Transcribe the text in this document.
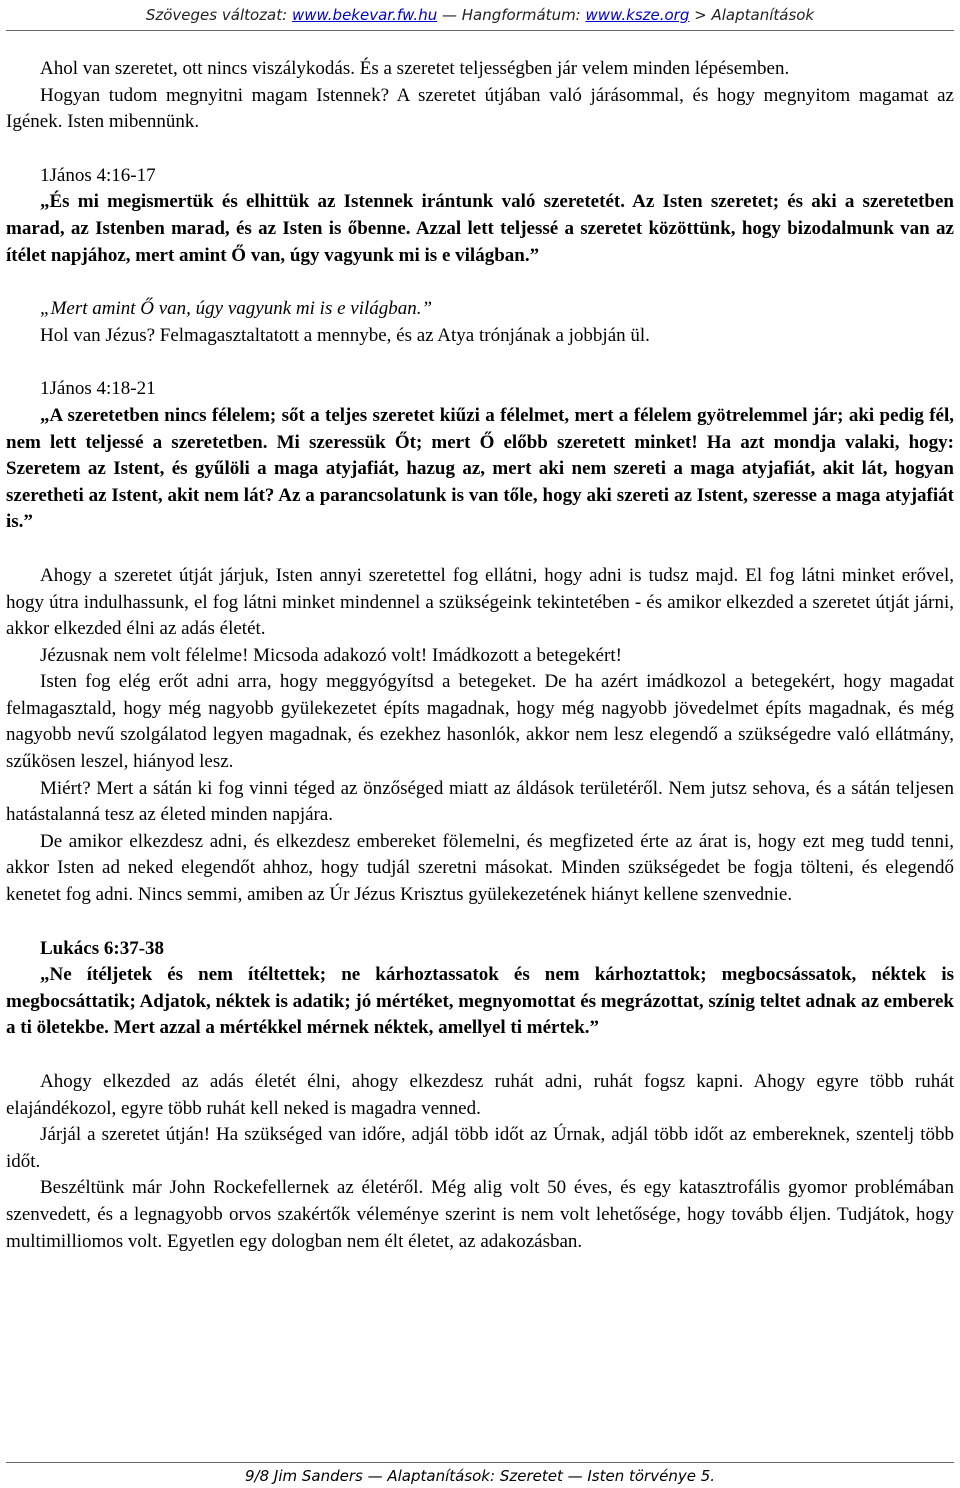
Szöveges változat: www.bekevar.fw.hu — Hangformátum: www.ksze.org > Alaptanítások

Ahol van szeretet, ott nincs viszálykodás. És a szeretet teljességben jár velem minden lépésemben.

Hogyan tudom megnyitni magam Istennek? A szeretet útjában való járásommal, és hogy megnyitom magamat az Igének. Isten mibennünk.

1János 4:16-17

„És mi megismertük és elhittük az Istennek irántunk való szeretetét. Az Isten szeretet; és aki a szeretetben marad, az Istenben marad, és az Isten is őbenne. Azzal lett teljessé a szeretet közöttünk, hogy bizodalmunk van az ítélet napjához, mert amint Ő van, úgy vagyunk mi is e világban.”

„Mert amint Ő van, úgy vagyunk mi is e világban.”

Hol van Jézus? Felmagasztaltatott a mennybe, és az Atya trónjának a jobbján ül.

1János 4:18-21

„A szeretetben nincs félelem; sőt a teljes szeretet kiűzi a félelmet, mert a félelem gyötrelemmel jár; aki pedig fél, nem lett teljessé a szeretetben. Mi szeressük Őt; mert Ő előbb szeretett minket! Ha azt mondja valaki, hogy: Szeretem az Istent, és gyűlöli a maga atyjafiát, hazug az, mert aki nem szereti a maga atyjafiát, akit lát, hogyan szeretheti az Istent, akit nem lát? Az a parancsolatunk is van tőle, hogy aki szereti az Istent, szeresse a maga atyjafiát is.”

Ahogy a szeretet útját járjuk, Isten annyi szeretettel fog ellátni, hogy adni is tudsz majd. El fog látni minket erővel, hogy útra indulhassunk, el fog látni minket mindennel a szükségeink tekintetében - és amikor elkezded a szeretet útját járni, akkor elkezded élni az adás életét.

Jézusnak nem volt félelme! Micsoda adakozó volt! Imádkozott a betegekért!

Isten fog elég erőt adni arra, hogy meggyógyítsd a betegeket. De ha azért imádkozol a betegekért, hogy magadat felmagasztald, hogy még nagyobb gyülekezetet építs magadnak, hogy még nagyobb jövedelmet építs magadnak, és még nagyobb nevű szolgálatod legyen magadnak, és ezekhez hasonlók, akkor nem lesz elegendő a szükségedre való ellátmány, szűkösen leszel, hiányod lesz.

Miért? Mert a sátán ki fog vinni téged az önzőséged miatt az áldások területéről. Nem jutsz sehova, és a sátán teljesen hatástalanná tesz az életed minden napjára.

De amikor elkezdesz adni, és elkezdesz embereket fölemelni, és megfizeted érte az árat is, hogy ezt meg tudd tenni, akkor Isten ad neked elegendőt ahhoz, hogy tudjál szeretni másokat. Minden szükségedet be fogja tölteni, és elegendő kenetet fog adni. Nincs semmi, amiben az Úr Jézus Krisztus gyülekezetének hiányt kellene szenvednie.

Lukács 6:37-38

„Ne ítéljetek és nem ítéltettek; ne kárhoztassatok és nem kárhoztattok; megbocsássatok, néktek is megbocsáttatik; Adjatok, néktek is adatik; jó mértéket, megnyomottat és megrázottat, színig teltet adnak az emberek a ti öletekbe. Mert azzal a mértékkel mérnek néktek, amellyel ti mértek.”

Ahogy elkezded az adás életét élni, ahogy elkezdesz ruhát adni, ruhát fogsz kapni. Ahogy egyre több ruhát elajándékozol, egyre több ruhát kell neked is magadra venned.

Járjál a szeretet útján! Ha szükséged van időre, adjál több időt az Úrnak, adjál több időt az embereknek, szentelj több időt.

Beszéltünk már John Rockefellernek az életéről. Még alig volt 50 éves, és egy katasztrofális gyomor problémában szenvedett, és a legnagyobb orvos szakértők véleménye szerint is nem volt lehetősége, hogy tovább éljen. Tudjátok, hogy multimilliomos volt. Egyetlen egy dologban nem élt életet, az adakozásban.

9/8 Jim Sanders — Alaptanítások: Szeretet — Isten törvénye 5.
